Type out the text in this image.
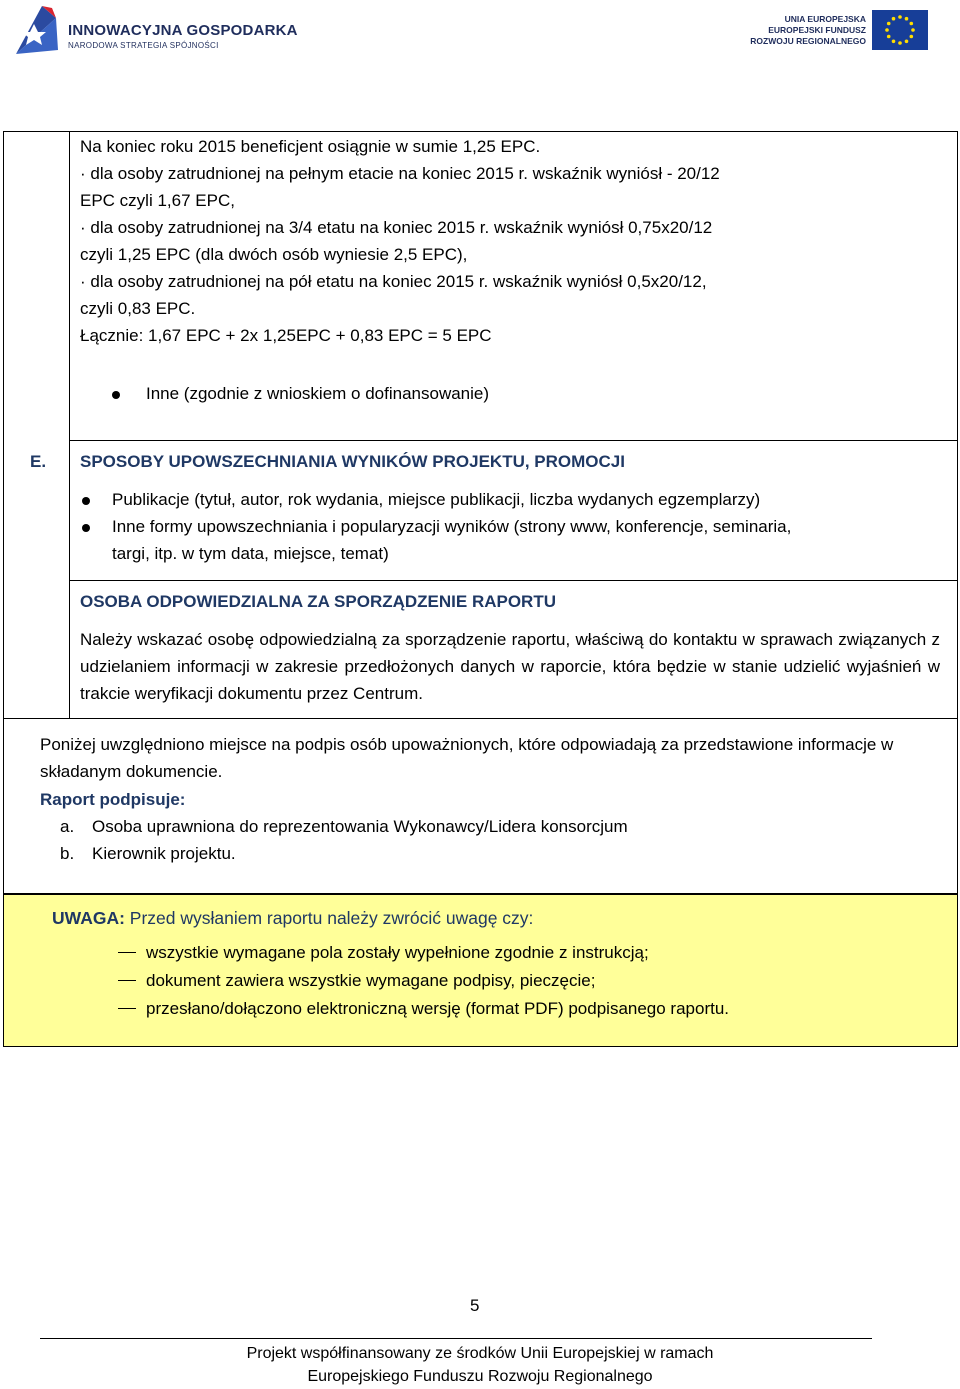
INNOWACYJNA GOSPODARKA
NARODOWA STRATEGIA SPÓJNOŚCI
UNIA EUROPEJSKA
EUROPEJSKI FUNDUSZ
ROZWOJU REGIONALNEGO
Na koniec roku 2015 beneficjent osiągnie w sumie 1,25 EPC.
· dla osoby zatrudnionej na pełnym etacie na koniec 2015 r. wskaźnik wyniósł - 20/12
EPC czyli 1,67 EPC,
· dla osoby zatrudnionej na 3/4 etatu na koniec 2015 r. wskaźnik wyniósł 0,75x20/12
czyli 1,25 EPC (dla dwóch osób wyniesie 2,5 EPC),
· dla osoby zatrudnionej na pół etatu na koniec 2015 r. wskaźnik wyniósł 0,5x20/12,
czyli 0,83 EPC.
Łącznie: 1,67 EPC + 2x 1,25EPC + 0,83 EPC = 5 EPC
Inne (zgodnie z wnioskiem o dofinansowanie)
E. SPOSOBY UPOWSZECHNIANIA WYNIKÓW PROJEKTU, PROMOCJI
Publikacje (tytuł, autor, rok wydania, miejsce publikacji, liczba wydanych egzemplarzy)
Inne formy upowszechniania i popularyzacji wyników (strony www, konferencje, seminaria,
targi, itp. w tym data, miejsce, temat)
OSOBA ODPOWIEDZIALNA ZA SPORZĄDZENIE RAPORTU
Należy wskazać osobę odpowiedzialną za sporządzenie raportu, właściwą do kontaktu w sprawach związanych z udzielaniem informacji w zakresie przedłożonych danych w raporcie, która będzie w stanie udzielić wyjaśnień w trakcie weryfikacji dokumentu przez Centrum.
Poniżej uwzględniono miejsce na podpis osób upoważnionych, które odpowiadają za przedstawione informacje w składanym dokumencie.
Raport podpisuje:
a. Osoba uprawniona do reprezentowania Wykonawcy/Lidera konsorcjum
b. Kierownik projektu.
UWAGA: Przed wysłaniem raportu należy zwrócić uwagę czy:
wszystkie wymagane pola zostały wypełnione zgodnie z instrukcją;
dokument zawiera wszystkie wymagane podpisy, pieczęcie;
przesłano/dołączono elektroniczną wersję (format PDF) podpisanego raportu.
5
Projekt współfinansowany ze środków Unii Europejskiej w ramach
Europejskiego Funduszu Rozwoju Regionalnego
